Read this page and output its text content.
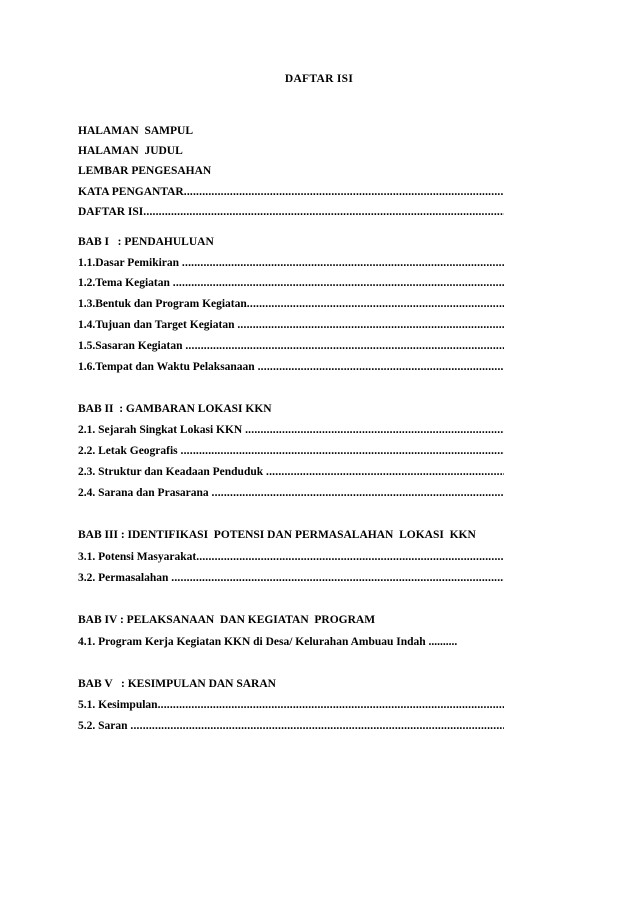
DAFTAR ISI
HALAMAN  SAMPUL
HALAMAN  JUDUL
LEMBAR PENGESAHAN
KATA PENGANTAR .....
DAFTAR ISI .....
BAB I   : PENDAHULUAN
1.1.Dasar Pemikiran  .....
1.2.Tema Kegiatan  .....
1.3.Bentuk dan Program Kegiatan .....
1.4.Tujuan dan Target Kegiatan  .....
1.5.Sasaran Kegiatan  .....
1.6.Tempat dan Waktu Pelaksanaan  .....
BAB II  : GAMBARAN LOKASI KKN
2.1. Sejarah Singkat Lokasi KKN  .....
2.2. Letak Geografis  .....
2.3. Struktur dan Keadaan Penduduk  .....
2.4. Sarana dan Prasarana  .....
BAB III : IDENTIFIKASI  POTENSI DAN PERMASALAHAN  LOKASI  KKN
3.1. Potensi Masyarakat .....
3.2. Permasalahan  .....
BAB IV : PELAKSANAAN  DAN KEGIATAN  PROGRAM
4.1. Program Kerja Kegiatan KKN di Desa/ Kelurahan Ambuau Indah ..........
BAB V   : KESIMPULAN DAN SARAN
5.1. Kesimpulan .....
5.2. Saran  .....
